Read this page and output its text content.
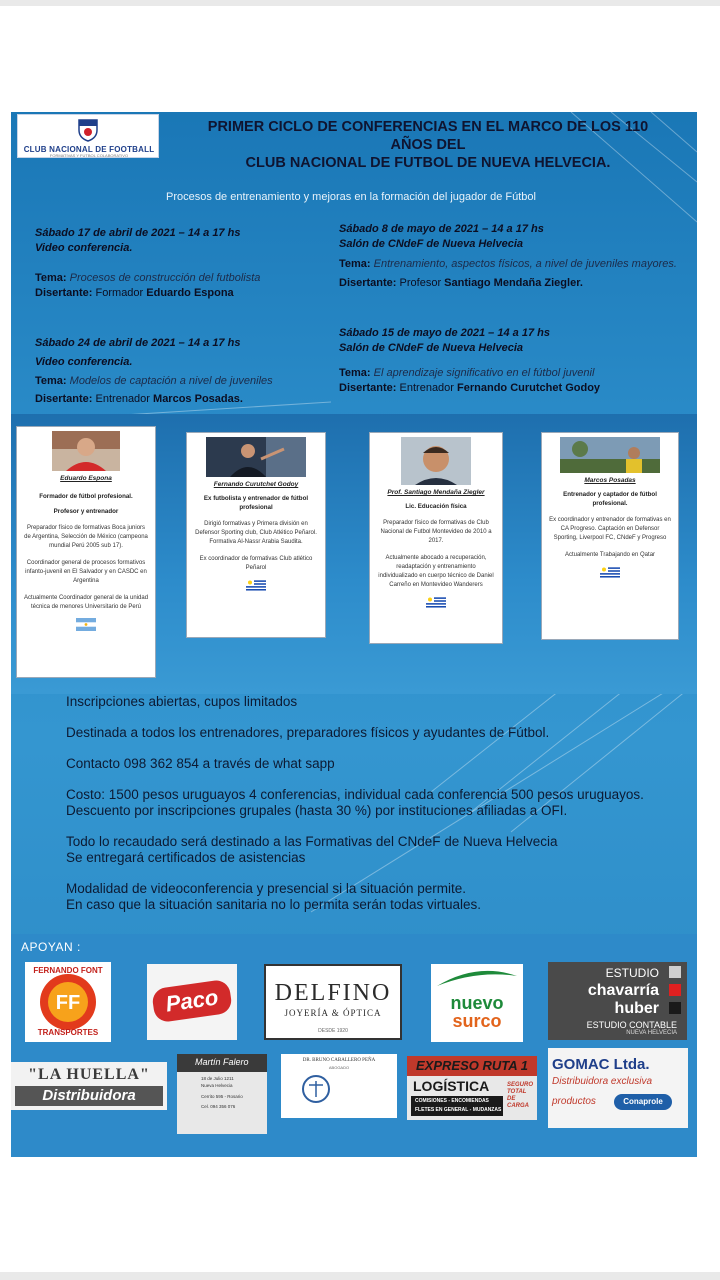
CLUB NACIONAL DE FOOTBALL
FORMATIVAS Y FUTBOL COLABORATIVO
PRIMER CICLO DE CONFERENCIAS EN EL MARCO DE LOS 110
AÑOS DEL
CLUB NACIONAL DE FUTBOL DE NUEVA HELVECIA.
Procesos de entrenamiento y mejoras en la formación del jugador de Fútbol
Sábado 17 de abril de 2021 – 14 a 17 hs
Video conferencia.
Tema: Procesos de construcción del futbolista
Disertante: Formador Eduardo Espona
Sábado 8 de mayo de 2021 – 14 a 17 hs
Salón de CNdeF de Nueva Helvecia
Tema: Entrenamiento, aspectos físicos, a nivel de juveniles mayores.
Disertante: Profesor Santiago Mendaña Ziegler.
Sábado 24 de abril de 2021 – 14 a 17 hs
Video conferencia.
Tema: Modelos de captación a nivel de juveniles
Disertante: Entrenador Marcos Posadas.
Sábado 15 de mayo de 2021 – 14 a 17 hs
Salón de CNdeF de Nueva Helvecia
Tema: El aprendizaje significativo en el fútbol juvenil
Disertante: Entrenador Fernando Curutchet Godoy
Eduardo Espona
Formador de fútbol profesional.
Profesor y entrenador
Preparador físico de formativas Boca juniors de Argentina, Selección de México (campeona mundial Perú 2005 sub 17).
Coordinador general de procesos formativos infanto-juvenil en El Salvador y en CASDC en Argentina
Actualmente Coordinador general de la unidad técnica de menores Universitario de Perú
Fernando Curutchet Godoy
Ex futbolista y entrenador de fútbol profesional
Dirigió formativas y Primera división en Defensor Sporting club, Club Atlético Peñarol. Formativa Al-Nassr Arabia Saudita.
Ex coordinador de formativas Club atlético Peñarol
Prof. Santiago Mendaña Ziegler
Lic. Educación física
Preparador físico de formativas de Club Nacional de Futbol Montevideo de 2010 a 2017.
Actualmente abocado a recuperación, readaptación y entrenamiento individualizado en cuerpo técnico de Daniel Carreño en Montevideo Wanderers
Marcos Posadas
Entrenador y captador de fútbol profesional.
Ex coordinador y entrenador de formativas en CA Progreso. Captación en Defensor Sporting, Liverpool FC, CNdeF y Progreso
Actualmente Trabajando en Qatar

Inscripciones abiertas, cupos limitados

Destinada a todos los entrenadores, preparadores físicos y ayudantes de Fútbol.

Contacto 098 362 854 a través de what sapp

Costo: 1500 pesos uruguayos 4 conferencias, individual cada conferencia 500 pesos uruguayos.

Descuento por inscripciones grupales (hasta 30 %) por instituciones afiliadas a OFI.

Todo lo recaudado será destinado a las Formativas del CNdeF de Nueva Helvecia

Se entregará certificados de asistencias

Modalidad de videoconferencia y presencial si la situación permite.

En caso que la situación sanitaria no lo permita serán todas virtuales.

APOYAN :
FERNANDO FONT
FF
TRANSPORTES
Paco	DELFINO
JOYERÍA & ÓPTICA
DESDE 1920
nuevo
surco
ESTUDIO
chavarría
huber
ESTUDIO CONTABLE
NUEVA HELVECIA
"LA HUELLA"
Distribuidora
Martín Falero
18 de Julio 1211
Nueva Helvecia
Cerrito 595 - Rosario
Cel. 094 356 076
DR. BRUNO CABALLERO PEÑA
ABOGADO	EXPRESO RUTA 1
LOGÍSTICA
COMISIONES - ENCOMIENDAS
FLETES EN GENERAL - MUDANZAS
SEGURO TOTAL DE CARGA
GOMAC Ltda.
Distribuidora exclusiva
productos	Conaprole
